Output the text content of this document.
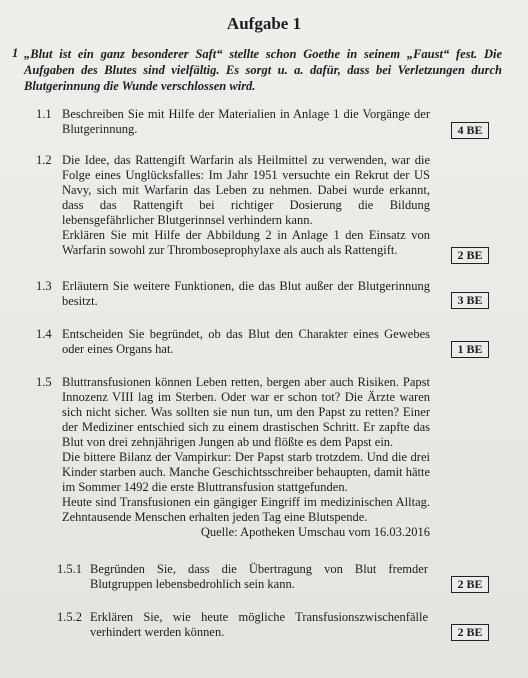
Aufgabe 1
1 „Blut ist ein ganz besonderer Saft“ stellte schon Goethe in seinem „Faust“ fest. Die Aufgaben des Blutes sind vielfältig. Es sorgt u. a. dafür, dass bei Verletzungen durch Blutgerinnung die Wunde verschlossen wird.
1.1 Beschreiben Sie mit Hilfe der Materialien in Anlage 1 die Vorgänge der Blutgerinnung.	4 BE
1.2 Die Idee, das Rattengift Warfarin als Heilmittel zu verwenden, war die Folge eines Unglücksfalles: Im Jahr 1951 versuchte ein Rekrut der US Navy, sich mit Warfarin das Leben zu nehmen. Dabei wurde erkannt, dass das Rattengift bei richtiger Dosierung die Bildung lebensgefährlicher Blutgerinnsel verhindern kann.

Erklären Sie mit Hilfe der Abbildung 2 in Anlage 1 den Einsatz von Warfarin sowohl zur Thromboseprophylaxe als auch als Rattengift.	2 BE
1.3 Erläutern Sie weitere Funktionen, die das Blut außer der Blutgerinnung besitzt.	3 BE
1.4 Entscheiden Sie begründet, ob das Blut den Charakter eines Gewebes oder eines Organs hat.	1 BE
1.5 Bluttransfusionen können Leben retten, bergen aber auch Risiken. Papst Innozenz VIII lag im Sterben. Oder war er schon tot? Die Ärzte waren sich nicht sicher. Was sollten sie nun tun, um den Papst zu retten? Einer der Mediziner entschied sich zu einem drastischen Schritt. Er zapfte das Blut von drei zehnjährigen Jungen ab und flößte es dem Papst ein.

Die bittere Bilanz der Vampirkur: Der Papst starb trotzdem. Und die drei Kinder starben auch. Manche Geschichtsschreiber behaupten, damit hätte im Sommer 1492 die erste Bluttransfusion stattgefunden.

Heute sind Transfusionen ein gängiger Eingriff im medizinischen Alltag. Zehntausende Menschen erhalten jeden Tag eine Blutspende.

Quelle: Apotheken Umschau vom 16.03.2016

1.5.1 Begründen Sie, dass die Übertragung von Blut fremder Blutgruppen lebensbedrohlich sein kann.	2 BE
1.5.2 Erklären Sie, wie heute mögliche Transfusionszwischenfälle verhindert werden können.	2 BE
